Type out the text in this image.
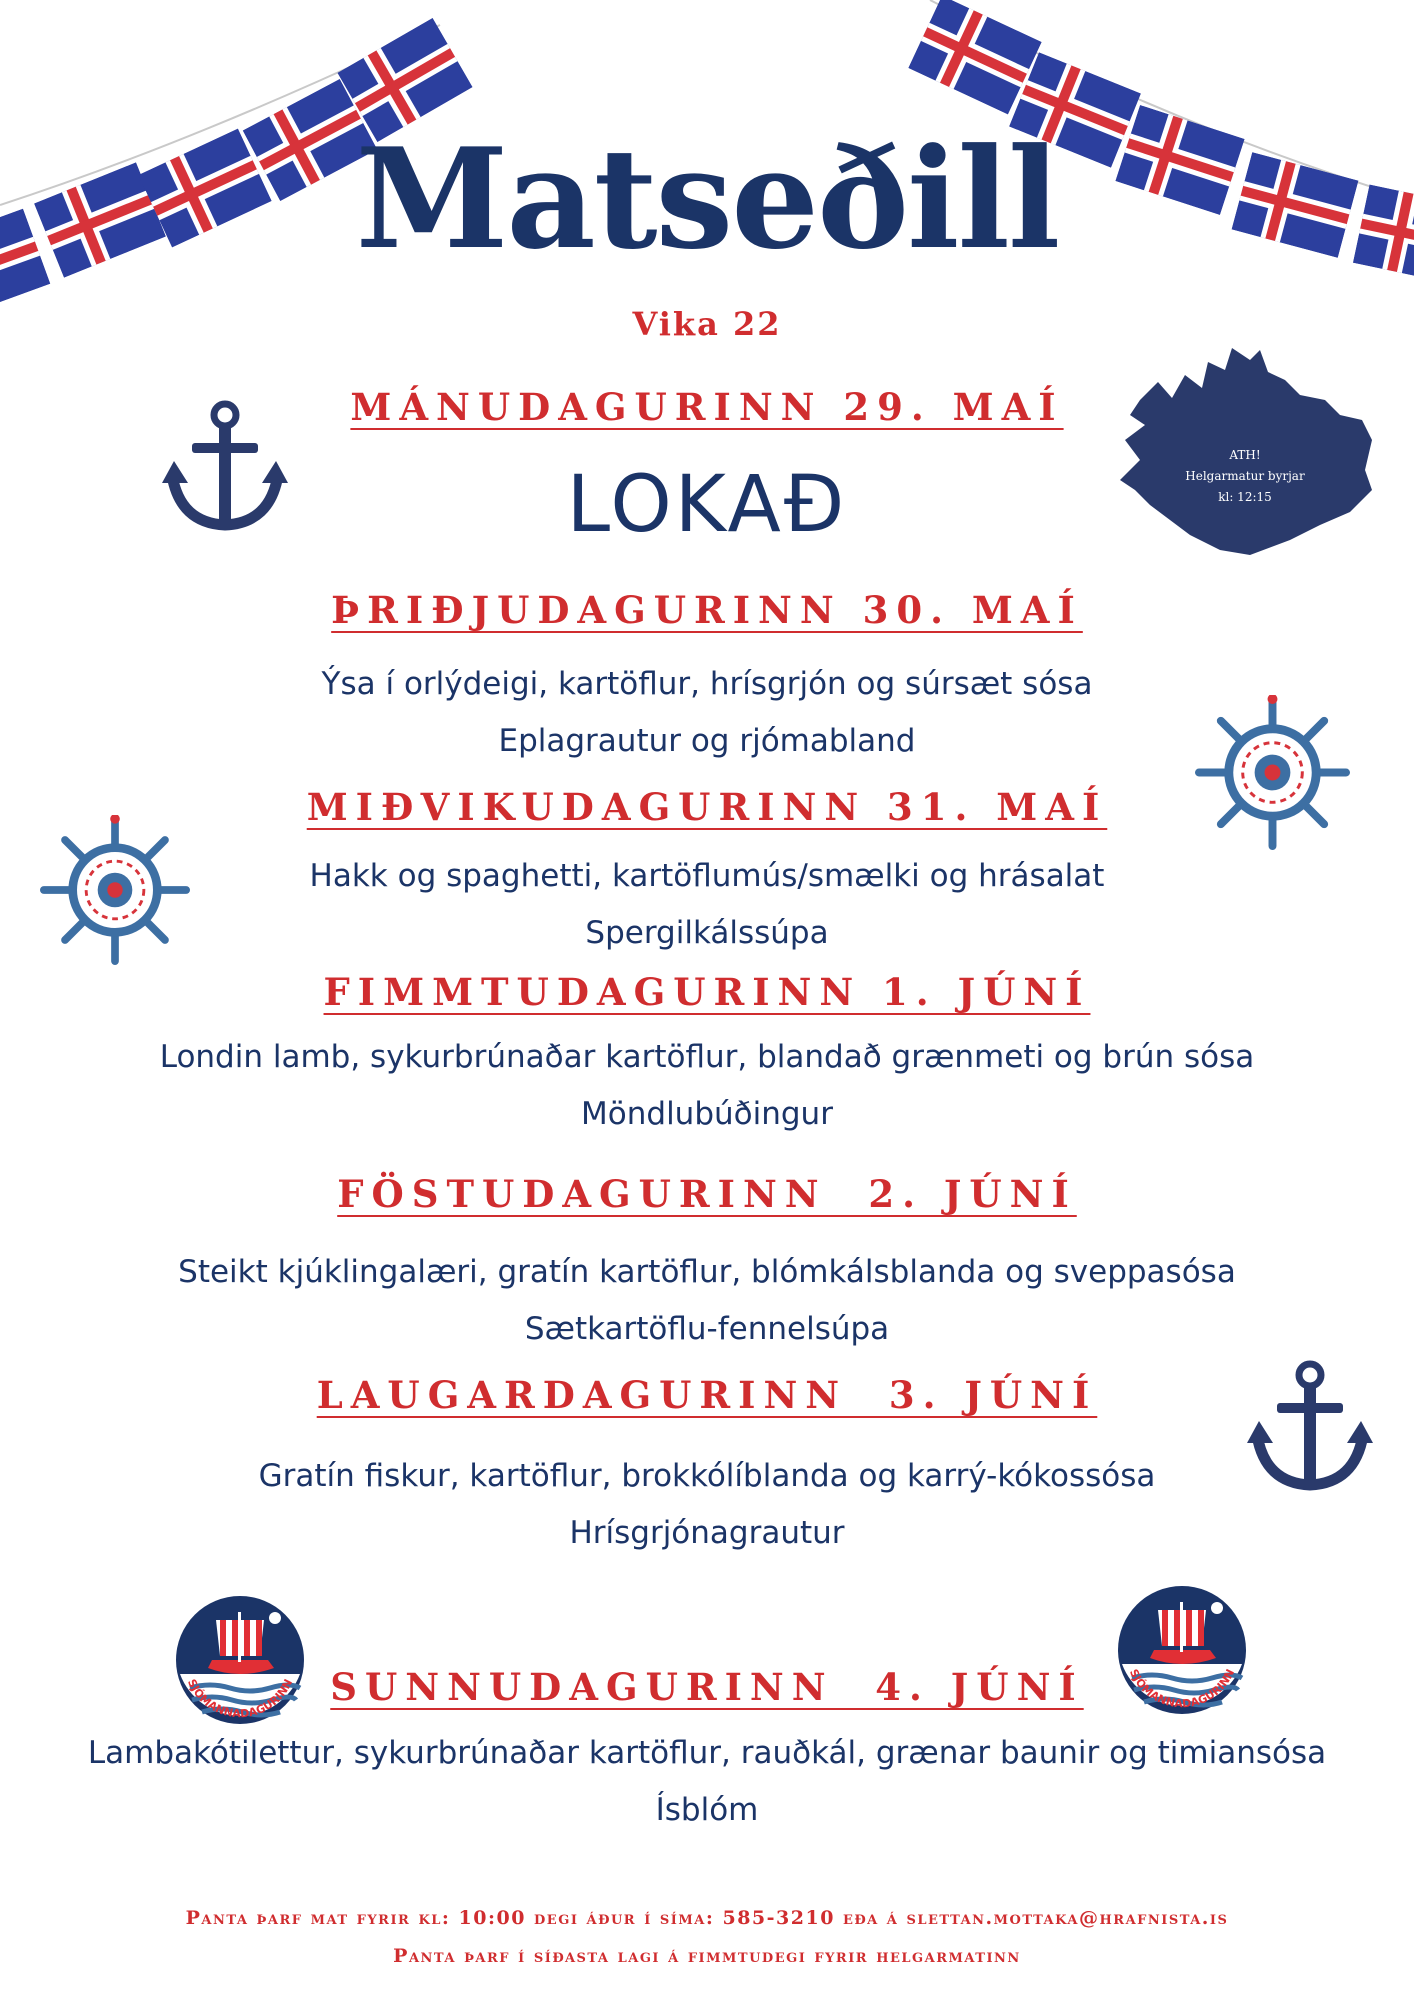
Matseðill
Vika 22
ATH!
Helgarmatur byrjar
kl: 12:15
MÁNUDAGURINN 29. MAÍ
LOKAÐ
ÞRIÐJUDAGURINN 30. MAÍ
Ýsa í orlýdeigi, kartöflur, hrísgrjón og súrsæt sósa
Eplagrautur og rjómabland
MIÐVIKUDAGURINN 31. MAÍ
Hakk og spaghetti, kartöflumús/smælki og hrásalat
Spergilkálssúpa
FIMMTUDAGURINN 1. JÚNÍ
Londin lamb, sykurbrúnaðar kartöflur, blandað grænmeti og brún sósa
Möndlubúðingur
FÖSTUDAGURINN  2. JÚNÍ
Steikt kjúklingalæri, gratín kartöflur, blómkálsblanda og sveppasósa
Sætkartöflu-fennelsúpa
LAUGARDAGURINN  3. JÚNÍ
Gratín fiskur, kartöflur, brokkólíblanda og karrý-kókossósa
Hrísgrjónagrautur
SJÓMANNADAGURINN
SJÓMANNADAGURINN
SUNNUDAGURINN  4. JÚNÍ
Lambakótilettur, sykurbrúnaðar kartöflur, rauðkál, grænar baunir og timiansósa
Ísblóm
Panta þarf mat fyrir kl: 10:00 degi áður í síma: 585-3210 eða á slettan.mottaka@hrafnista.is
Panta þarf í síðasta lagi á fimmtudegi fyrir helgarmatinn
